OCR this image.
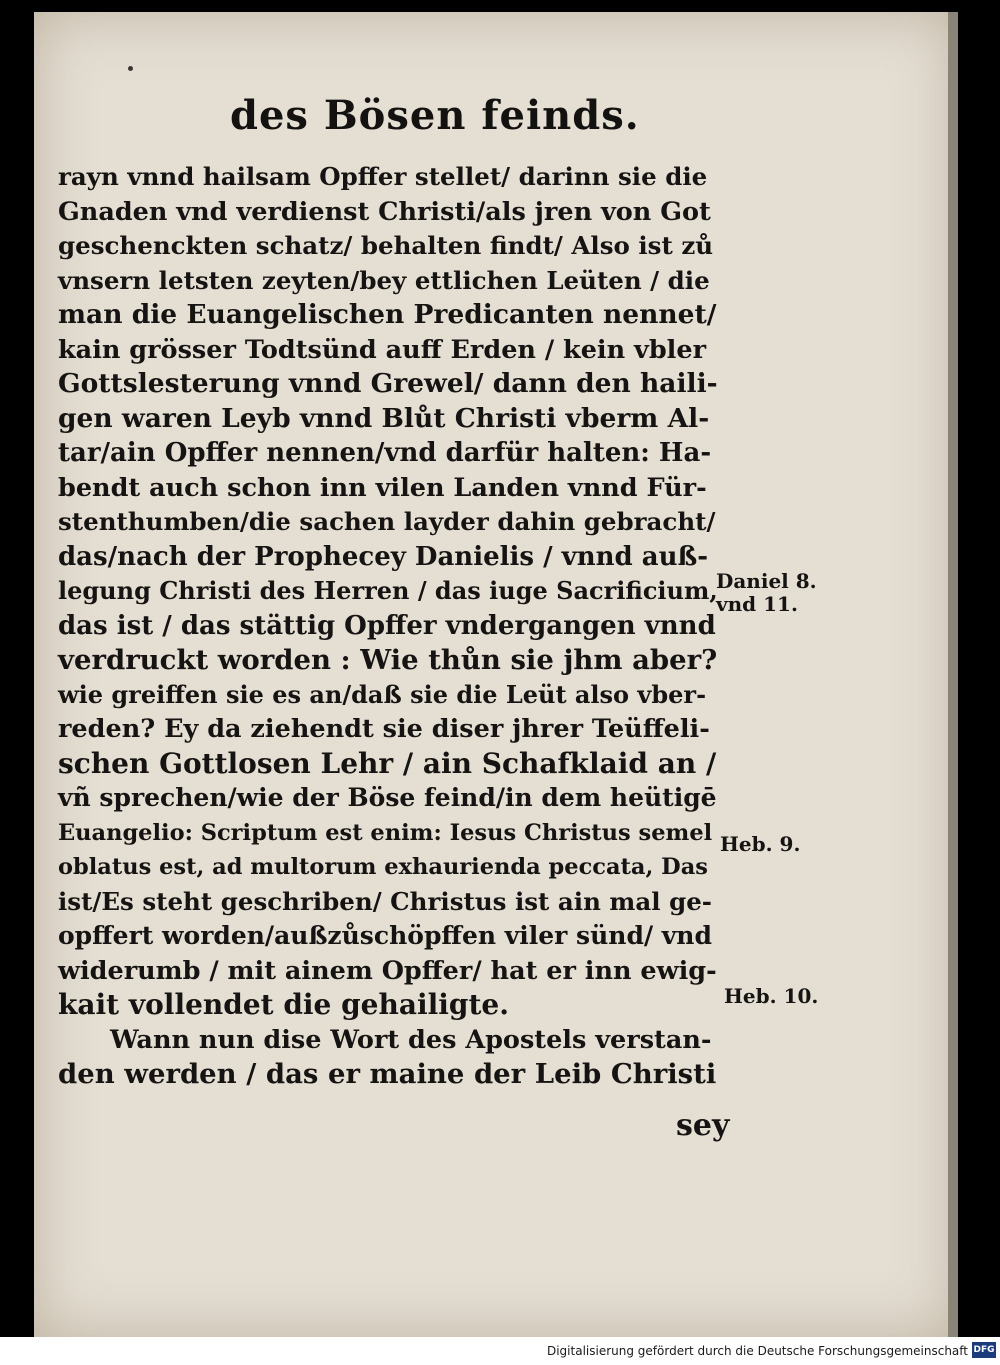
des Bösen feinds.
rayn vnnd hailsam Opffer stellet/ darinn sie die
Gnaden vnd verdienst Christi/als jren von Got
geschenckten schatz/ behalten findt/ Also ist zů
vnsern letsten zeyten/bey ettlichen Leüten / die
man die Euangelischen Predicanten nennet/
kain grösser Todtsünd auff Erden / kein vbler
Gottslesterung vnnd Grewel/ dann den haili-
gen waren Leyb vnnd Blůt Christi vberm Al-
tar/ain Opffer nennen/vnd darfür halten: Ha-
bendt auch schon inn vilen Landen vnnd Für-
stenthumben/die sachen layder dahin gebracht/
das/nach der Prophecey Danielis / vnnd auß-
legung Christi des Herren / das iuge Sacrificium,
das ist / das stättig Opffer vndergangen vnnd
verdruckt worden : Wie thůn sie jhm aber?
wie greiffen sie es an/daß sie die Leüt also vber-
reden? Ey da ziehendt sie diser jhrer Teüffeli-
schen Gottlosen Lehr / ain Schafklaid an /
vñ sprechen/wie der Böse feind/in dem heütigē
Euangelio: Scriptum est enim: Iesus Christus semel
oblatus est, ad multorum exhaurienda peccata, Das
ist/Es steht geschriben/ Christus ist ain mal ge-
opffert worden/außzůschöpffen viler sünd/ vnd
widerumb / mit ainem Opffer/ hat er inn ewig-
kait vollendet die gehailigte.
Wann nun dise Wort des Apostels verstan-
den werden / das er maine der Leib Christi
sey
Daniel 8.
vnd 11.
Heb. 9.
Heb. 10.
Digitalisierung gefördert durch die Deutsche Forschungsgemeinschaft DFG
